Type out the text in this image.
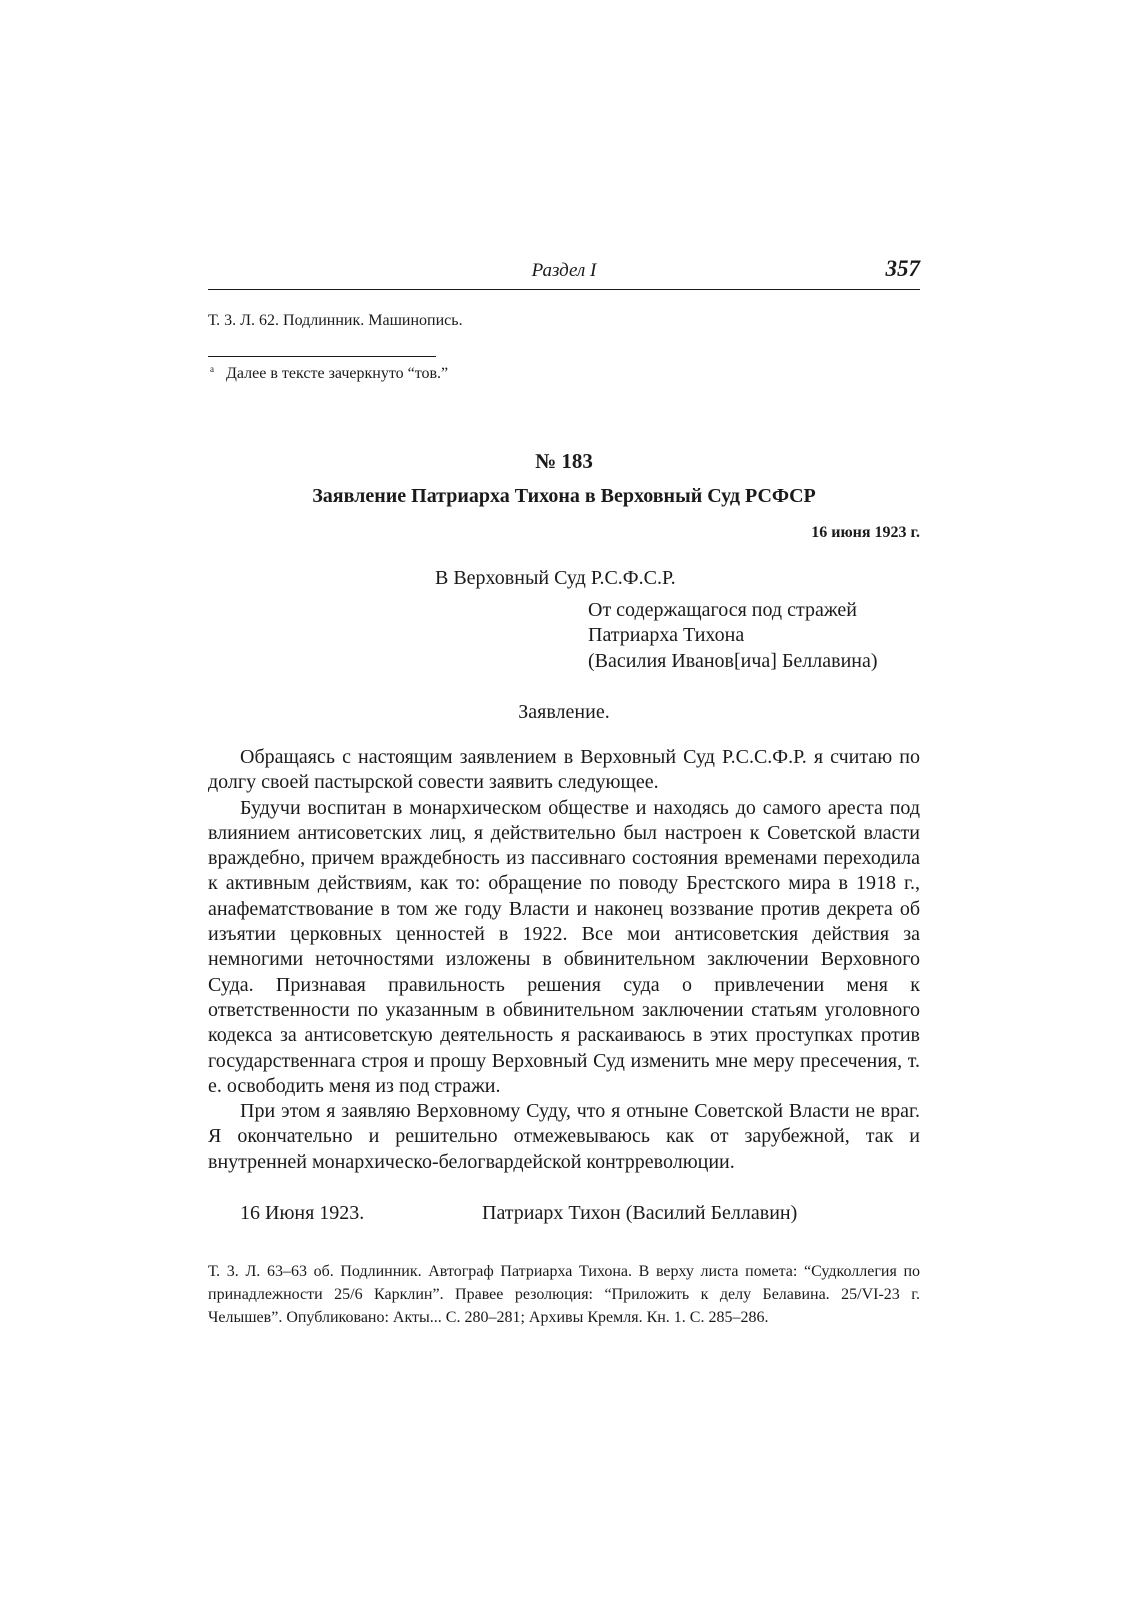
Раздел I	357
Т. 3. Л. 62. Подлинник. Машинопись.
$^а$ Далее в тексте зачеркнуто “тов.”
№ 183
Заявление Патриарха Тихона в Верховный Суд РСФСР
16 июня 1923 г.
В Верховный Суд Р.С.Ф.С.Р.
От содержащагося под стражей
Патриарха Тихона
(Василия Иванов[ича] Беллавина)
Заявление.

Обращаясь с настоящим заявлением в Верховный Суд Р.С.С.Ф.Р. я считаю по долгу своей пастырской совести заявить следующее.

Будучи воспитан в монархическом обществе и находясь до самого ареста под влиянием антисоветских лиц, я действительно был настроен к Советской власти враждебно, причем враждебность из пассивнаго состояния временами переходила к активным действиям, как то: обращение по поводу Брестского мира в 1918 г., анафематствование в том же году Власти и наконец воззвание против декрета об изъятии церковных ценностей в 1922. Все мои антисоветския действия за немногими неточностями изложены в обвинительном заключении Верховного Суда. Признавая правильность решения суда о привлечении меня к ответственности по указанным в обвинительном заключении статьям уголовного кодекса за антисоветскую деятельность я раскаиваюсь в этих проступках против государственнага строя и прошу Верховный Суд изменить мне меру пресечения, т. е. освободить меня из под стражи.

При этом я заявляю Верховному Суду, что я отныне Советской Власти не враг. Я окончательно и решительно отмежевываюсь как от зарубежной, так и внутренней монархическо-белогвардейской контрреволюции.

16 Июня 1923.	Патриарх Тихон (Василий Беллавин)

Т. 3. Л. 63–63 об. Подлинник. Автограф Патриарха Тихона. В верху листа помета: “Судколлегия по принадлежности 25/6 Карклин”. Правее резолюция: “Приложить к делу Белавина. 25/VI-23 г. Челышев”. Опубликовано: Акты... С. 280–281; Архивы Кремля. Кн. 1. С. 285–286.
